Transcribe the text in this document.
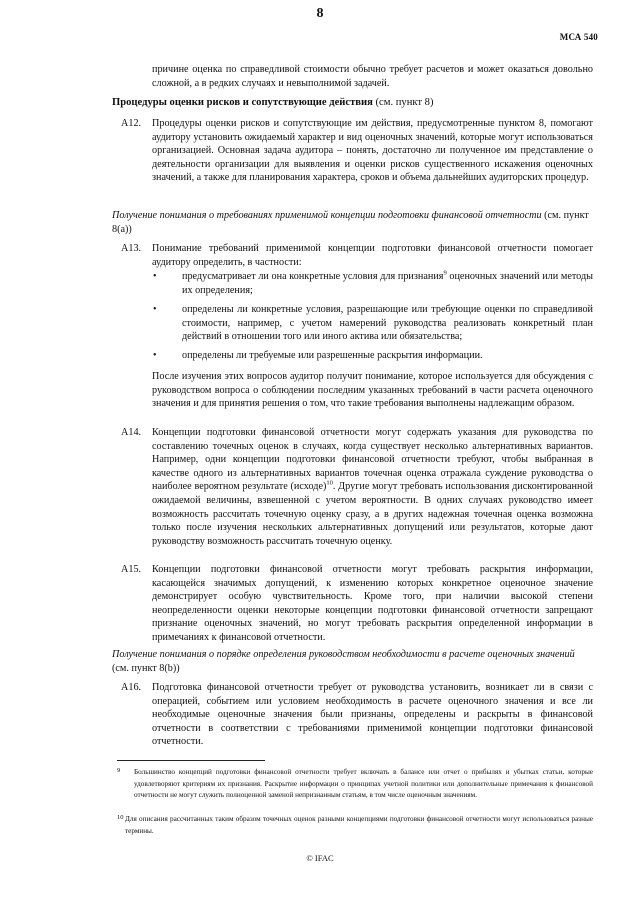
8
МСА 540

причине оценка по справедливой стоимости обычно требует расчетов и может оказаться довольно сложной, а в редких случаях и невыполнимой задачей.

Процедуры оценки рисков и сопутствующие действия (см. пункт 8)
A12. Процедуры оценки рисков и сопутствующие им действия, предусмотренные пунктом 8, помогают аудитору установить ожидаемый характер и вид оценочных значений, которые могут использоваться организацией. Основная задача аудитора – понять, достаточно ли полученное им представление о деятельности организации для выявления и оценки рисков существенного искажения оценочных значений, а также для планирования характера, сроков и объема дальнейших аудиторских процедур.

Получение понимания о требованиях применимой концепции подготовки финансовой отчетности (см. пункт 8(a))
A13. Понимание требований применимой концепции подготовки финансовой отчетности помогает аудитору определить, в частности:

• предусматривает ли она конкретные условия для признания$^9$ оценочных значений или методы их определения;

• определены ли конкретные условия, разрешающие или требующие оценки по справедливой стоимости, например, с учетом намерений руководства реализовать конкретный план действий в отношении того или иного актива или обязательства;

• определены ли требуемые или разрешенные раскрытия информации.

После изучения этих вопросов аудитор получит понимание, которое используется для обсуждения с руководством вопроса о соблюдении последним указанных требований в части расчета оценочного значения и для принятия решения о том, что такие требования выполнены надлежащим образом.

A14. Концепции подготовки финансовой отчетности могут содержать указания для руководства по составлению точечных оценок в случаях, когда существует несколько альтернативных вариантов. Например, одни концепции подготовки финансовой отчетности требуют, чтобы выбранная в качестве одного из альтернативных вариантов точечная оценка отражала суждение руководства о наиболее вероятном результате (исходе)$^{10}$. Другие могут требовать использования дисконтированной ожидаемой величины, взвешенной с учетом вероятности. В одних случаях руководство имеет возможность рассчитать точечную оценку сразу, а в других надежная точечная оценка возможна только после изучения нескольких альтернативных допущений или результатов, которые дают руководству возможность рассчитать точечную оценку.

A15. Концепции подготовки финансовой отчетности могут требовать раскрытия информации, касающейся значимых допущений, к изменению которых конкретное оценочное значение демонстрирует особую чувствительность. Кроме того, при наличии высокой степени неопределенности оценки некоторые концепции подготовки финансовой отчетности запрещают признание оценочных значений, но могут требовать раскрытия определенной информации в примечаниях к финансовой отчетности.

Получение понимания о порядке определения руководством необходимости в расчете оценочных значений (см. пункт 8(b))
A16. Подготовка финансовой отчетности требует от руководства установить, возникает ли в связи с операцией, событием или условием необходимость в расчете оценочного значения и все ли необходимые оценочные значения были признаны, определены и раскрыты в финансовой отчетности в соответствии с требованиями применимой концепции подготовки финансовой отчетности.

9 Большинство концепций подготовки финансовой отчетности требует включать в балансе или отчет о прибылях и убытках статьи, которые удовлетворяют критериям их признания. Раскрытие информации о принципах учетной политики или дополнительные примечания к финансовой отчетности не могут служить полноценной заменой непризнанным статьям, в том числе оценочным значениям.

10 Для описания рассчитанных таким образом точечных оценок разными концепциями подготовки финансовой отчетности могут использоваться разные термины.

© IFAC
